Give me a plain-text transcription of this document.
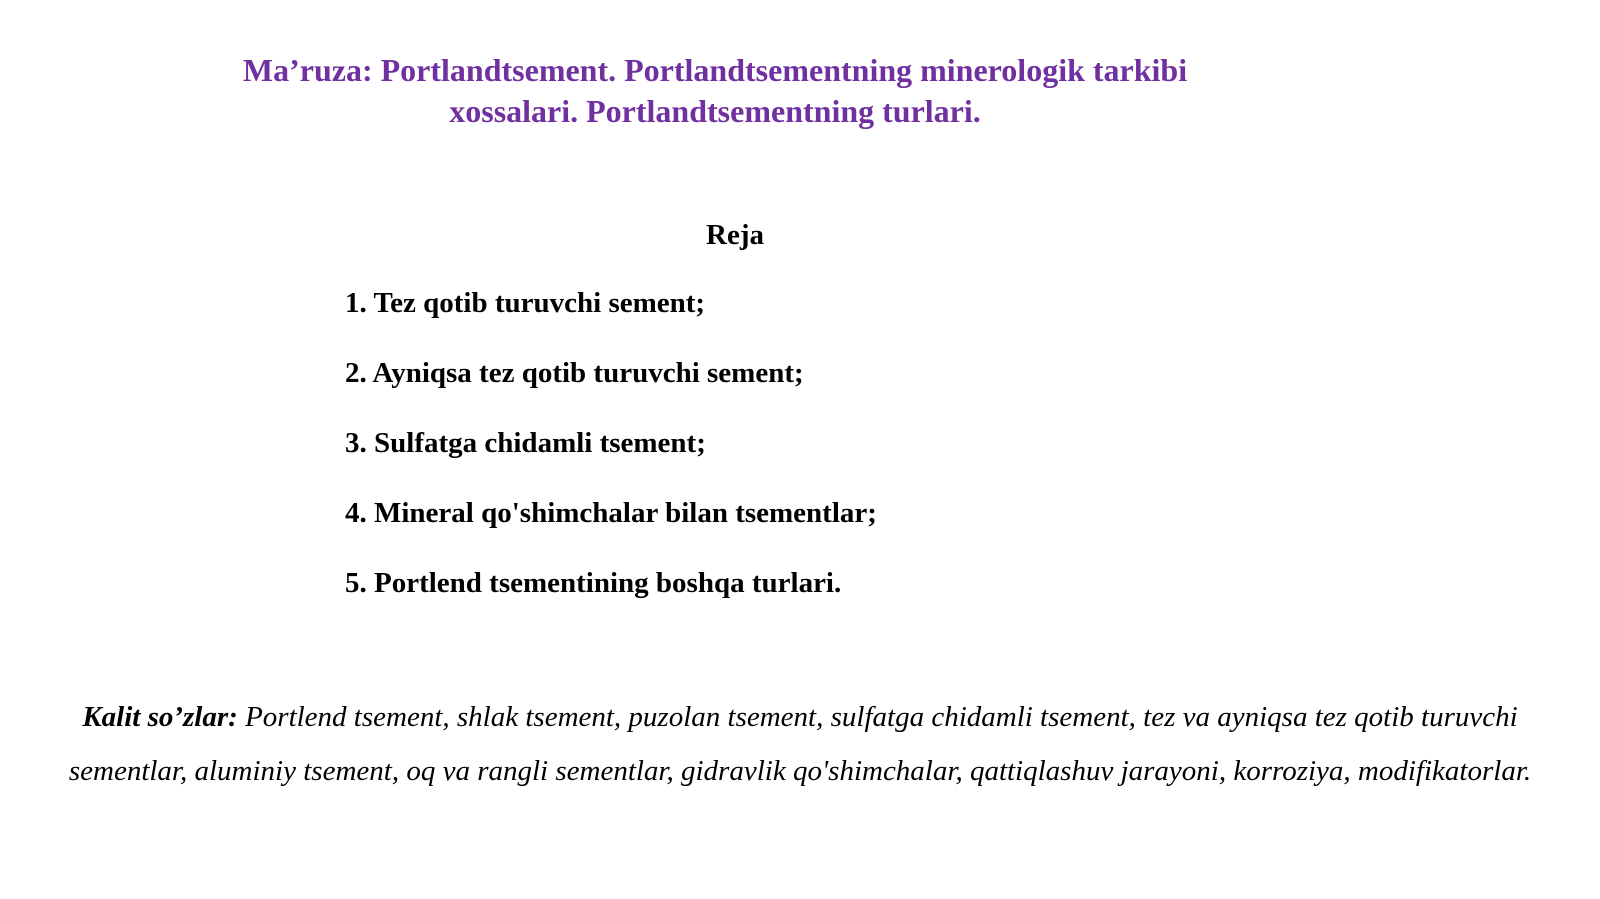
Ma’ruza: Portlandtsement. Portlandtsementning minerologik tarkibi
xossalari. Portlandtsementning turlari.
Reja
1. Tez qotib turuvchi sement;
2. Ayniqsa tez qotib turuvchi sement;
3. Sulfatga chidamli tsement;
4. Mineral qo'shimchalar bilan tsementlar;
5. Portlend tsementining boshqa turlari.
Kalit so’zlar: Portlend tsement, shlak tsement, puzolan tsement, sulfatga chidamli tsement, tez va ayniqsa tez qotib turuvchi sementlar, aluminiy tsement, oq va rangli sementlar, gidravlik qo'shimchalar, qattiqlashuv jarayoni, korroziya, modifikatorlar.
